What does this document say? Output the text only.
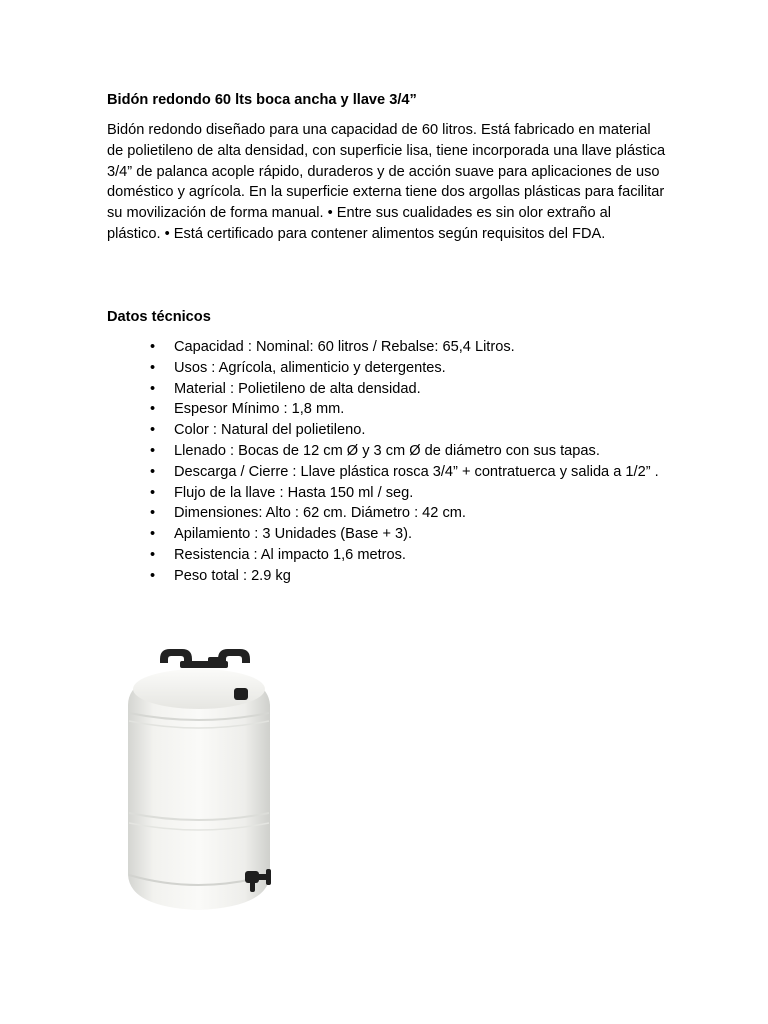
Bidón redondo 60 lts boca ancha y llave 3/4”

Bidón redondo diseñado para una capacidad de 60 litros. Está fabricado en material de polietileno de alta densidad, con superficie lisa, tiene incorporada una llave plástica 3/4” de palanca acople rápido, duraderos y de acción suave para aplicaciones de uso doméstico y agrícola. En la superficie externa tiene dos argollas plásticas para facilitar su movilización de forma manual. • Entre sus cualidades es sin olor extraño al plástico. • Está certificado para contener alimentos según requisitos del FDA.

Datos técnicos
• Capacidad : Nominal: 60 litros / Rebalse: 65,4 Litros.
• Usos : Agrícola, alimenticio y detergentes.
• Material : Polietileno de alta densidad.
• Espesor Mínimo : 1,8 mm.
• Color : Natural del polietileno.
• Llenado : Bocas de 12 cm Ø y 3 cm Ø de diámetro con sus tapas.
• Descarga / Cierre : Llave plástica rosca 3/4” + contratuerca y salida a 1/2” .
• Flujo de la llave : Hasta 150 ml / seg.
• Dimensiones: Alto : 62 cm. Diámetro : 42 cm.
• Apilamiento : 3 Unidades (Base + 3).
• Resistencia : Al impacto 1,6 metros.
• Peso total : 2.9 kg
